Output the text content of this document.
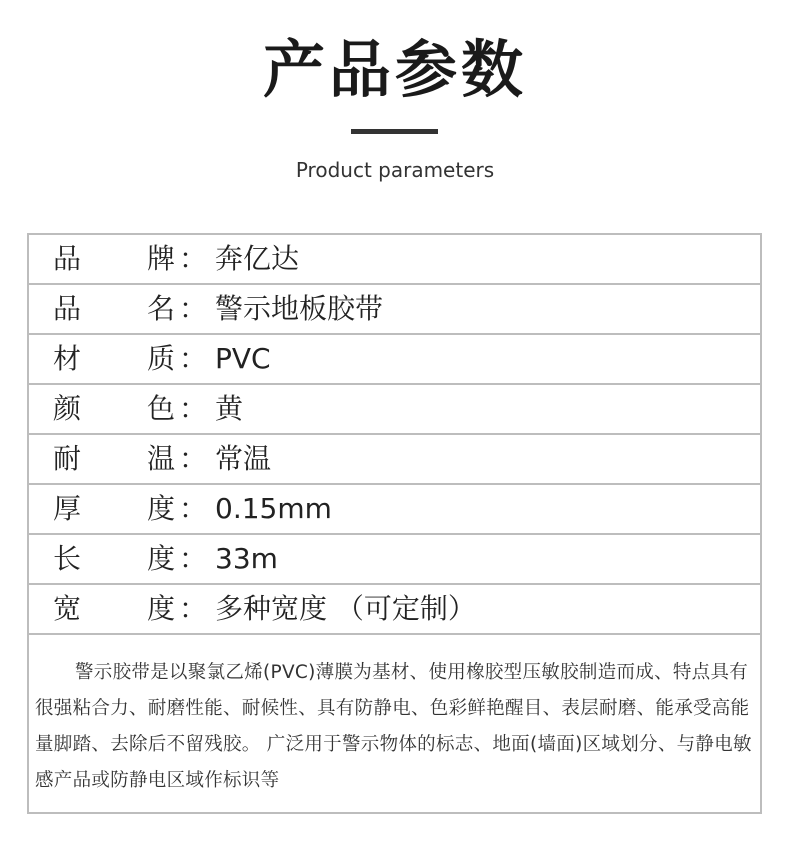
产品参数
Product parameters
品 牌 ： 奔亿达
品 名 ： 警示地板胶带
材 质 ： PVC
颜 色 ： 黄
耐 温 ： 常温
厚 度 ： 0.15mm
长 度 ： 33m
宽 度 ： 多种宽度 （可定制）
警示胶带是以聚氯乙烯(PVC)薄膜为基材、使用橡胶型压敏胶制造而成、特点具有很强粘合力、耐磨性能、耐候性、具有防静电、色彩鲜艳醒目、表层耐磨、能承受高能量脚踏、去除后不留残胶。 广泛用于警示物体的标志、地面(墙面)区域划分、与静电敏感产品或防静电区域作标识等
